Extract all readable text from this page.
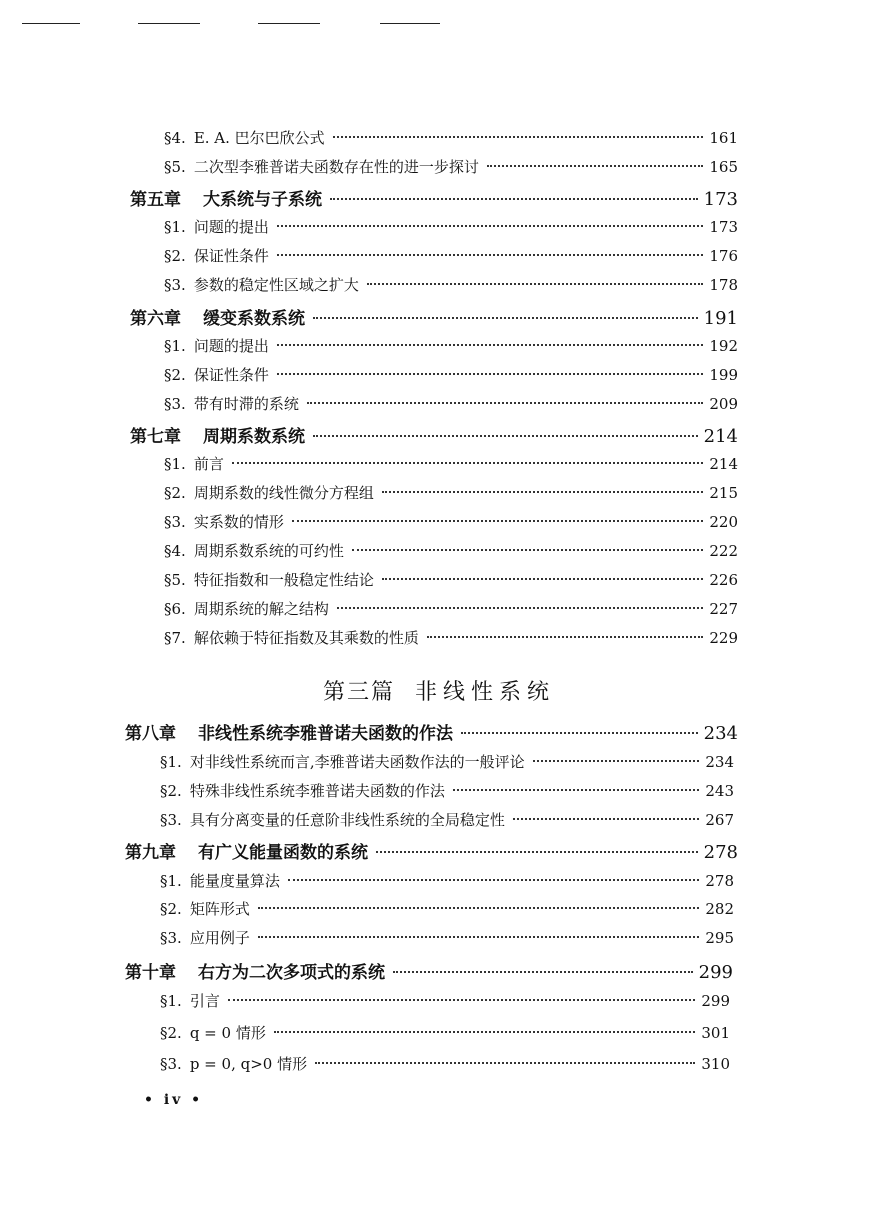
§4. E. A. 巴尔巴欣公式	161
§5. 二次型李雅普诺夫函数存在性的进一步探讨	165
第五章 大系统与子系统	173
§1. 问题的提出	173
§2. 保证性条件	176
§3. 参数的稳定性区域之扩大	178
第六章 缓变系数系统	191
§1. 问题的提出	192
§2. 保证性条件	199
§3. 带有时滞的系统	209
第七章 周期系数系统	214
§1. 前言	214
§2. 周期系数的线性微分方程组	215
§3. 实系数的情形	220
§4. 周期系数系统的可约性	222
§5. 特征指数和一般稳定性结论	226
§6. 周期系统的解之结构	227
§7. 解依赖于特征指数及其乘数的性质	229
第三篇 非线性系统
第八章 非线性系统李雅普诺夫函数的作法	234
§1. 对非线性系统而言,李雅普诺夫函数作法的一般评论	234
§2. 特殊非线性系统李雅普诺夫函数的作法	243
§3. 具有分离变量的任意阶非线性系统的全局稳定性	267
第九章 有广义能量函数的系统	278
§1. 能量度量算法	278
§2. 矩阵形式	282
§3. 应用例子	295
第十章 右方为二次多项式的系统	299
§1. 引言	299
§2. q = 0 情形	301
§3. p = 0, q>0 情形	310
• iv •
